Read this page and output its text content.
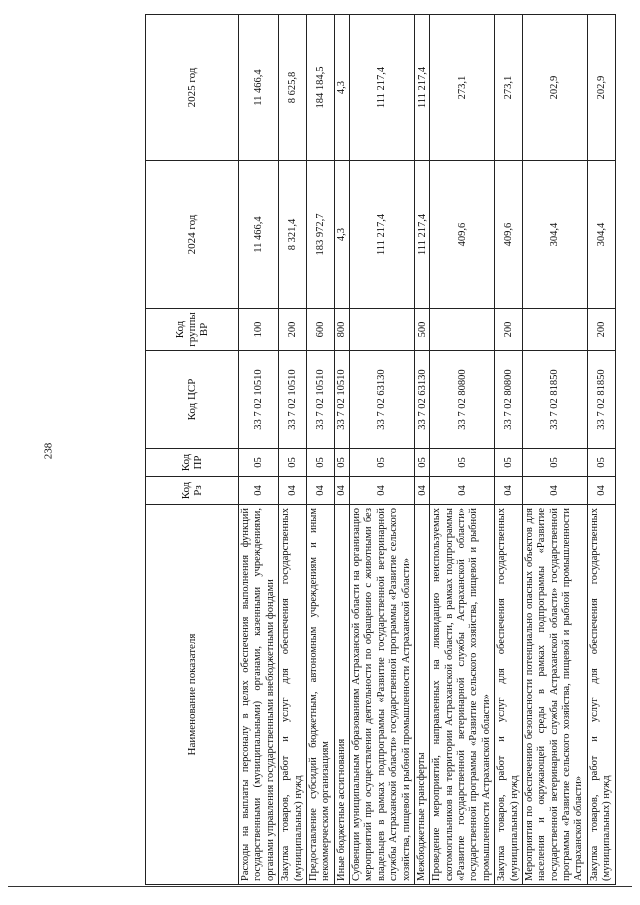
238
Наименование показателя	Код Рз	Код ПР	Код ЦСР	Код группы ВР	2024 год	2025 год
Расходы на выплаты персоналу в целях обеспечения выполнения функций государственными (муниципальными) органами, казенными учреждениями, органами управления государственными внебюджетными фондами	04	05	33 7 02 10510	100	11 466,4	11 466,4
Закупка товаров, работ и услуг для обеспечения государственных (муниципальных) нужд	04	05	33 7 02 10510	200	8 321,4	8 625,8
Предоставление субсидий бюджетным, автономным учреждениям и иным некоммерческим организациям	04	05	33 7 02 10510	600	183 972,7	184 184,5
Иные бюджетные ассигнования	04	05	33 7 02 10510	800	4,3	4,3
Субвенции муниципальным образованиям Астраханской области на организацию мероприятий при осуществлении деятельности по обращению с животными без владельцев в рамках подпрограммы «Развитие государственной ветеринарной службы Астраханской области» государственной программы «Развитие сельского хозяйства, пищевой и рыбной промышленности Астраханской области»	04	05	33 7 02 63130		111 217,4	111 217,4
Межбюджетные трансферты	04	05	33 7 02 63130	500	111 217,4	111 217,4
Проведение мероприятий, направленных на ликвидацию неиспользуемых скотомогильников на территории Астраханской области, в рамках подпрограммы «Развитие государственной ветеринарной службы Астраханской области» государственной программы «Развитие сельского хозяйства, пищевой и рыбной промышленности Астраханской области»	04	05	33 7 02 80800		409,6	273,1
Закупка товаров, работ и услуг для обеспечения государственных (муниципальных) нужд	04	05	33 7 02 80800	200	409,6	273,1
Мероприятия по обеспечению безопасности потенциально опасных объектов для населения и окружающей среды в рамках подпрограммы «Развитие государственной ветеринарной службы Астраханской области» государственной программы «Развитие сельского хозяйства, пищевой и рыбной промышленности Астраханской области»	04	05	33 7 02 81850		304,4	202,9
Закупка товаров, работ и услуг для обеспечения государственных (муниципальных) нужд	04	05	33 7 02 81850	200	304,4	202,9
